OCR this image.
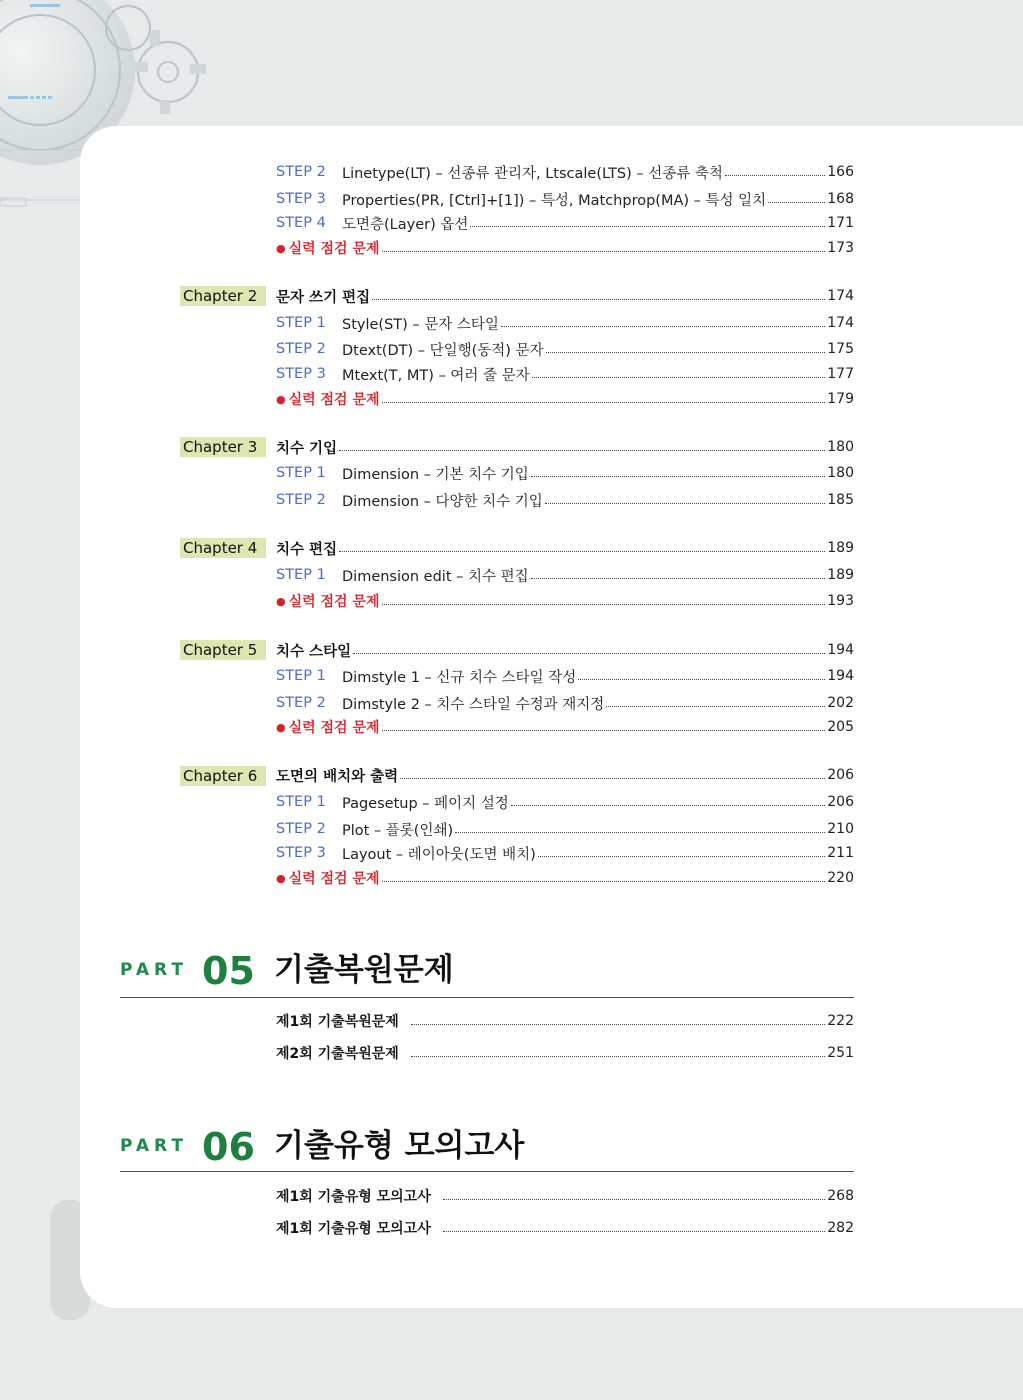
STEP 2	Linetype(LT) – 선종류 관리자, Ltscale(LTS) – 선종류 축척	166
STEP 3	Properties(PR, [Ctrl]+[1]) – 특성, Matchprop(MA) – 특성 일치	168
STEP 4	도면층(Layer) 옵션	171
● 실력 점검 문제	173
Chapter 2	문자 쓰기 편집	174
STEP 1	Style(ST) – 문자 스타일	174
STEP 2	Dtext(DT) – 단일행(동적) 문자	175
STEP 3	Mtext(T, MT) – 여러 줄 문자	177
● 실력 점검 문제	179
Chapter 3	치수 기입	180
STEP 1	Dimension – 기본 치수 기입	180
STEP 2	Dimension – 다양한 치수 기입	185
Chapter 4	치수 편집	189
STEP 1	Dimension edit – 치수 편집	189
● 실력 점검 문제	193
Chapter 5	치수 스타일	194
STEP 1	Dimstyle 1 – 신규 치수 스타일 작성	194
STEP 2	Dimstyle 2 – 치수 스타일 수정과 재지정	202
● 실력 점검 문제	205
Chapter 6	도면의 배치와 출력	206
STEP 1	Pagesetup – 페이지 설정	206
STEP 2	Plot – 플롯(인쇄)	210
STEP 3	Layout – 레이아웃(도면 배치)	211
● 실력 점검 문제	220
PART 05 기출복원문제
제1회 기출복원문제	222
제2회 기출복원문제	251
PART 06 기출유형 모의고사
제1회 기출유형 모의고사	268
제1회 기출유형 모의고사	282
